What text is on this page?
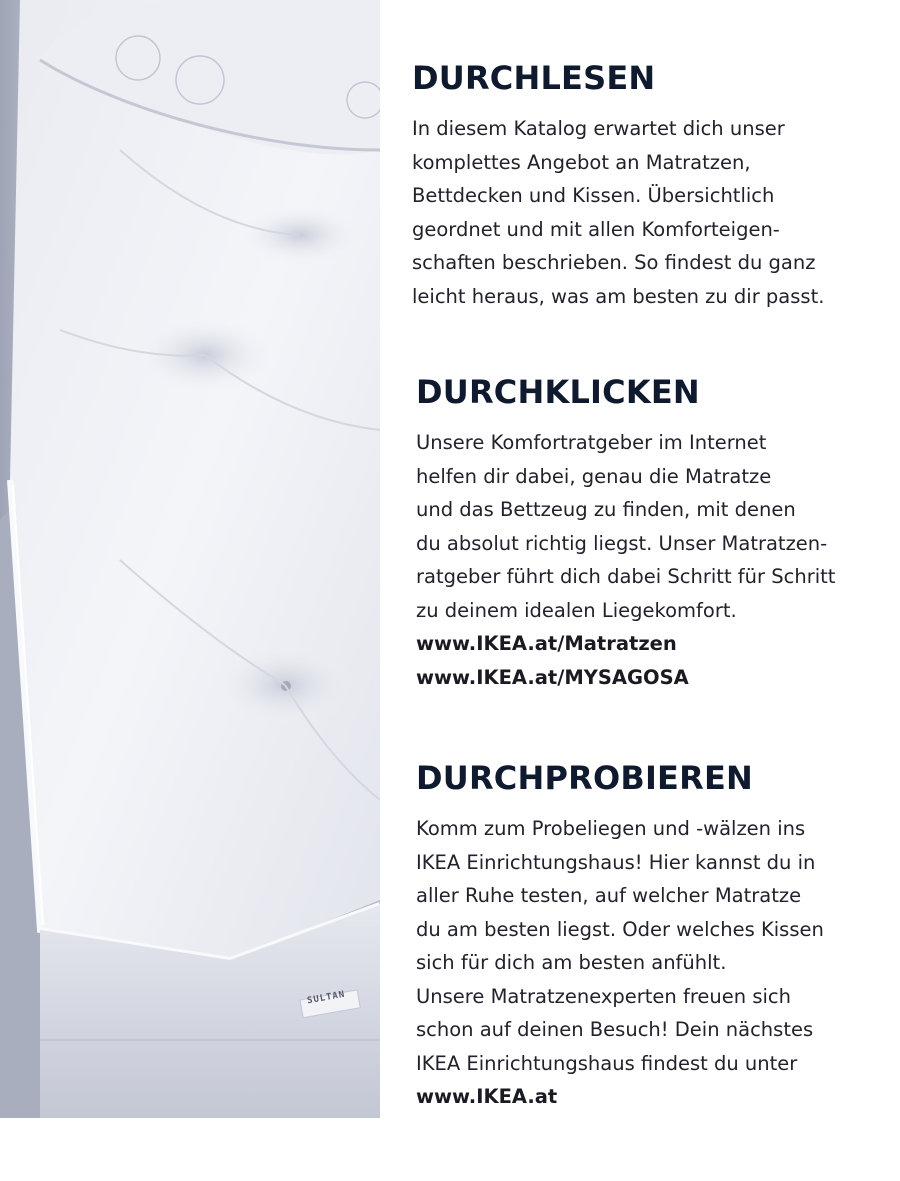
SULTAN
DURCHLESEN

In diesem Katalog erwartet dich unser
komplettes Angebot an Matratzen,
Bettdecken und Kissen. Übersichtlich
geordnet und mit allen Komforteigen-
schaften beschrieben. So findest du ganz
leicht heraus, was am besten zu dir passt.

DURCHKLICKEN

Unsere Komfortratgeber im Internet
helfen dir dabei, genau die Matratze
und das Bettzeug zu finden, mit denen
du absolut richtig liegst. Unser Matratzen-
ratgeber führt dich dabei Schritt für Schritt
zu deinem idealen Liegekomfort.
www.IKEA.at/Matratzen
www.IKEA.at/MYSAGOSA

DURCHPROBIEREN

Komm zum Probeliegen und -wälzen ins
IKEA Einrichtungshaus! Hier kannst du in
aller Ruhe testen, auf welcher Matratze
du am besten liegst. Oder welches Kissen
sich für dich am besten anfühlt.
Unsere Matratzenexperten freuen sich
schon auf deinen Besuch! Dein nächstes
IKEA Einrichtungshaus findest du unter
www.IKEA.at
